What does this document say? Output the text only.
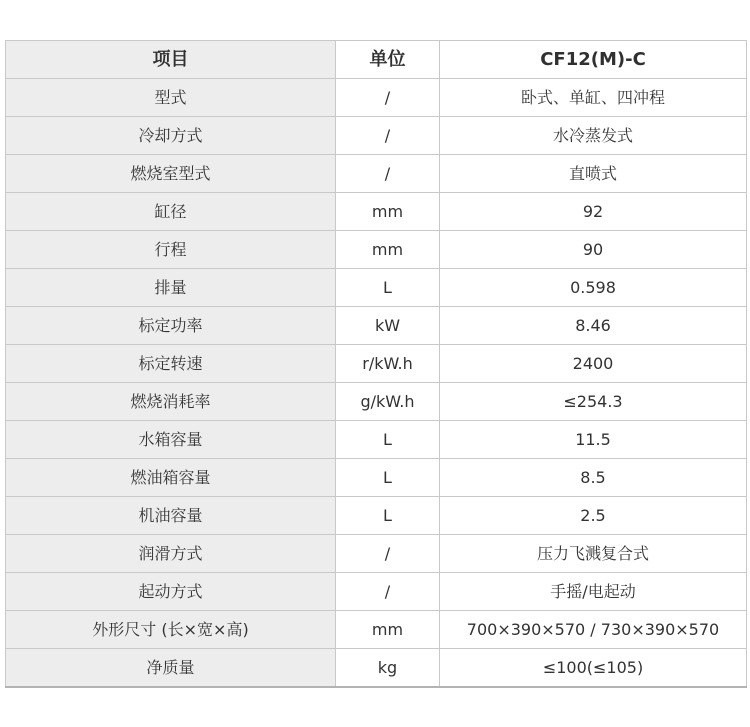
项目	单位	CF12(M)-C
型式	/	卧式、单缸、四冲程
冷却方式	/	水冷蒸发式
燃烧室型式	/	直喷式
缸径	mm	92
行程	mm	90
排量	L	0.598
标定功率	kW	8.46
标定转速	r/kW.h	2400
燃烧消耗率	g/kW.h	≤254.3
水箱容量	L	11.5
燃油箱容量	L	8.5
机油容量	L	2.5
润滑方式	/	压力飞溅复合式
起动方式	/	手摇/电起动
外形尺寸 (长×宽×高)	mm	700×390×570 / 730×390×570
净质量	kg	≤100(≤105)
